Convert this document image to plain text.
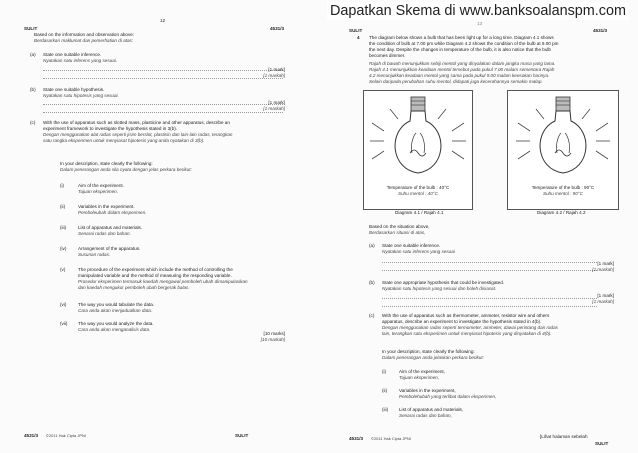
12
SULIT	4531/3
Based on the information and observation above:
Berdasarkan maklumat dan pemerhatian di atas:
(a) State one suitable inference.
Nyatakan satu inferens yang sesuai.
[1 mark]
[1 markah]
(b) State one suitable hypothesis.
Nyatakan satu hipotesis yang sesuai.
[1 mark]
[1 markah]
(c) With the use of apparatus such as slotted mass, plasticine and other apparatus, describe an
experiment framework to investigate the hypothesis stated in 3(b).
Dengan menggunakan alat radas seperti jisim berslot, plastisin dan lain-lain radas, terangkan
satu rangka eksperimen untuk menyiasat hipotesis yang anda nyatakan di 3(b).
In your description, state clearly the following:
Dalam penerangan anda sila nyata dengan jelas perkara berikut:
(i)	Aim of the experiment.
Tujuan eksperimen.
(ii)	Variables in the experiment.
Pemboleubah dalam eksperimen.
(iii)	List of apparatus and materials.
Senarai radas dan bahan.
(iv)	Arrangement of the apparatus.
Susunan radas.
(v)	The procedure of the experiment which include the method of controlling the
manipulated variable and the method of measuring the responding variable.
Prosedur eksperimen termasuk kaedah mengawal pemboleh ubah dimanipulasikan
dan kaedah mengukur pemboleh ubah bergerak balas.
(vi)	The way you would tabulate the data.
Cara anda akan menjadualkan data.
(vii) The way you would analyze the data.
Cara anda akan menganalisis data.
[10 marks]
[10 markah]
4531/3 ©2011 Hak Cipta JPNI	SULIT
SULIT
13
4531/3
4 The diagram below shows a bulb that has been light up for a long time. Diagram 4.1 shows
the condition of bulb at 7.00 pm while Diagram 4.2 shows the condition of the bulb at 9.00 pm
the next day. Despite the changes in temperature of the bulb, it is also notice that the bulb
becomes dimmer.
Rajah di bawah menunjukkan sebiji mentol yang dinyalakan dalam jangka masa yang lama.
Rajah 4.1 menunjukkan keadaan mentol tersebut pada pukul 7.00 malam sementara Rajah
4.2 menunjukkan keadaan mentol yang sama pada pukul 9.00 malam keesokan harinya.
Selain daripada perubahan suhu mentol, didapati juga kecerahannya semakin malap.
Temperature of the bulb : 40°C
Suhu mentol : 40°C
Diagram 4.1 / Rajah 4.1
Temperature of the bulb : 90°C
Suhu mentol : 90°C
Diagram 4.2 / Rajah 4.2
Based on the situation above,
Berdasarkan situasi di atas,
(a) State one suitable inference.
Nyatakan satu inferens yang sesuai
[1 mark]
[1 markah]
(b) State one appropriate hypothesis that could be investigated.
Nyatakan satu hipotesis yang sesuai dan boleh disiasat.
[1 mark]
[1 markah]
(c) With the use of apparatus such as thermometer, ammeter, resistor wire and others
apparatus, describe an experiment to investigate the hypothesis stated in 4(b).
Dengan menggunakan radas seperti termometer, ammeter, dawai perintang dan radas
lain, terangkan satu eksperimen untuk menyiasat hipotesis yang dinyatakan di 4(b).
In your description, state clearly the following:
Dalam penerangan anda jelaskan perkara berikut:
(i)	Aim of the experiment,
Tujuan eksperimen,
(ii)	Variables in the experiment,
Pembolehubah yang terlibat dalam eksperimen,
(iii) List of apparatus and materials,
Senarai radas dan bahan,
4531/3 ©2011 Hak Cipta JPNI	[Lihat halaman sebelah
SULIT
Dapatkan Skema di www.banksoalanspm.com
